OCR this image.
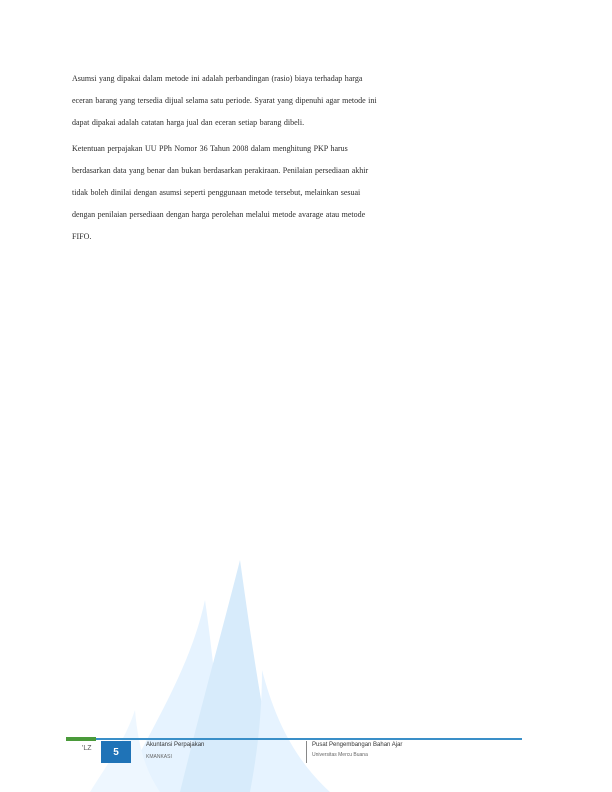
Asumsi yang dipakai dalam metode ini adalah perbandingan (rasio) biaya terhadap harga
eceran barang yang tersedia dijual selama satu periode. Syarat yang dipenuhi agar metode ini
dapat dipakai adalah catatan harga jual dan eceran setiap barang dibeli.
Ketentuan perpajakan UU PPh Nomor 36 Tahun 2008 dalam menghitung PKP harus
berdasarkan data yang benar dan bukan berdasarkan perakiraan. Penilaian persediaan akhir
tidak boleh dinilai dengan asumsi seperti penggunaan metode tersebut, melainkan sesuai
dengan penilaian persediaan dengan harga perolehan melalui metode avarage atau metode
FIFO.
'LZ	5
Akuntansi Perpajakan
KMANKASI
Pusat Pengembangan Bahan Ajar
Universitas Mercu Buana
